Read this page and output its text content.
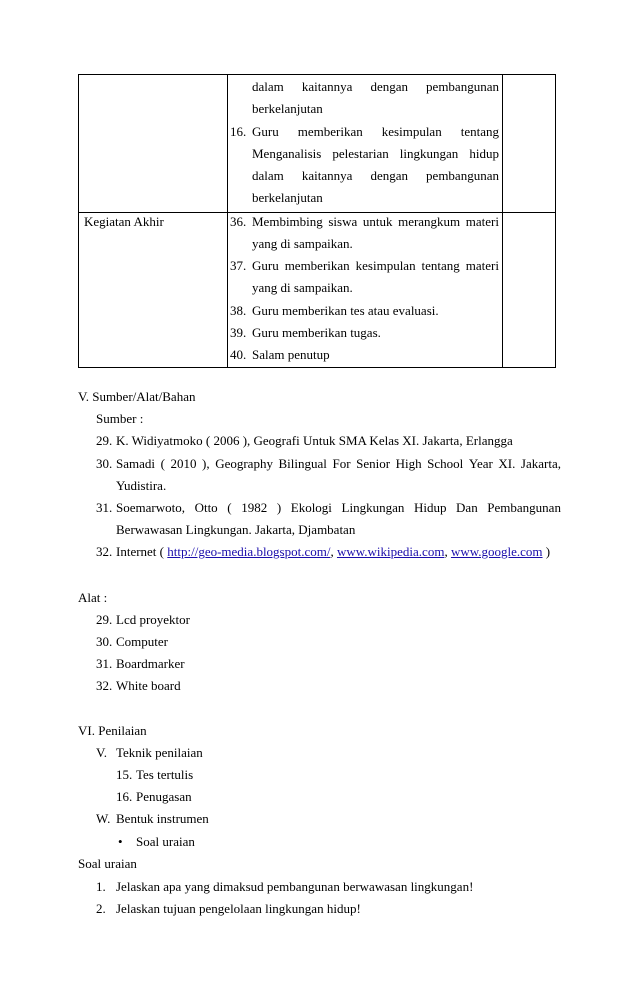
dalam kaitannya dengan pembangunan
berkelanjutan
16. Guru memberikan kesimpulan tentang
Menganalisis pelestarian lingkungan hidup
dalam kaitannya dengan pembangunan
berkelanjutan
Kegiatan Akhir	36. Membimbing siswa untuk merangkum materi
yang di sampaikan.
37. Guru memberikan kesimpulan tentang materi
yang di sampaikan.
38. Guru memberikan tes atau evaluasi.
39. Guru memberikan tugas.
40. Salam penutup
V. Sumber/Alat/Bahan
Sumber :
29. K. Widiyatmoko ( 2006 ), Geografi Untuk SMA Kelas XI. Jakarta, Erlangga
30. Samadi ( 2010 ), Geography Bilingual For Senior High School Year XI. Jakarta,
Yudistira.
31. Soemarwoto, Otto ( 1982 ) Ekologi Lingkungan Hidup Dan Pembangunan
Berwawasan Lingkungan. Jakarta, Djambatan
32. Internet ( http://geo-media.blogspot.com/, www.wikipedia.com, www.google.com )
Alat :
29. Lcd proyektor
30. Computer
31. Boardmarker
32. White board
VI. Penilaian
V. Teknik penilaian
15. Tes tertulis
16. Penugasan
W. Bentuk instrumen
• Soal uraian
Soal uraian
1. Jelaskan apa yang dimaksud pembangunan berwawasan lingkungan!
2. Jelaskan tujuan pengelolaan lingkungan hidup!
